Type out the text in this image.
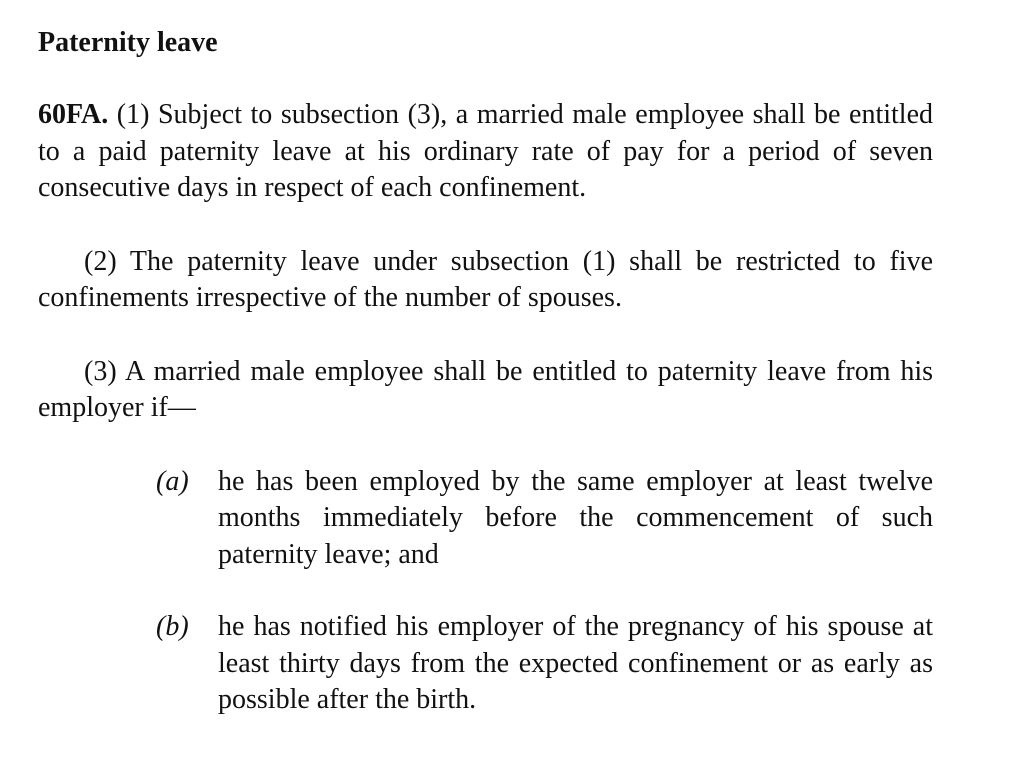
Paternity leave
60FA. (1) Subject to subsection (3), a married male employee shall be entitled to a paid paternity leave at his ordinary rate of pay for a period of seven consecutive days in respect of each confinement.
(2) The paternity leave under subsection (1) shall be restricted to five confinements irrespective of the number of spouses.
(3) A married male employee shall be entitled to paternity leave from his employer if—
(a) he has been employed by the same employer at least twelve months immediately before the commencement of such paternity leave; and
(b) he has notified his employer of the pregnancy of his spouse at least thirty days from the expected confinement or as early as possible after the birth.
